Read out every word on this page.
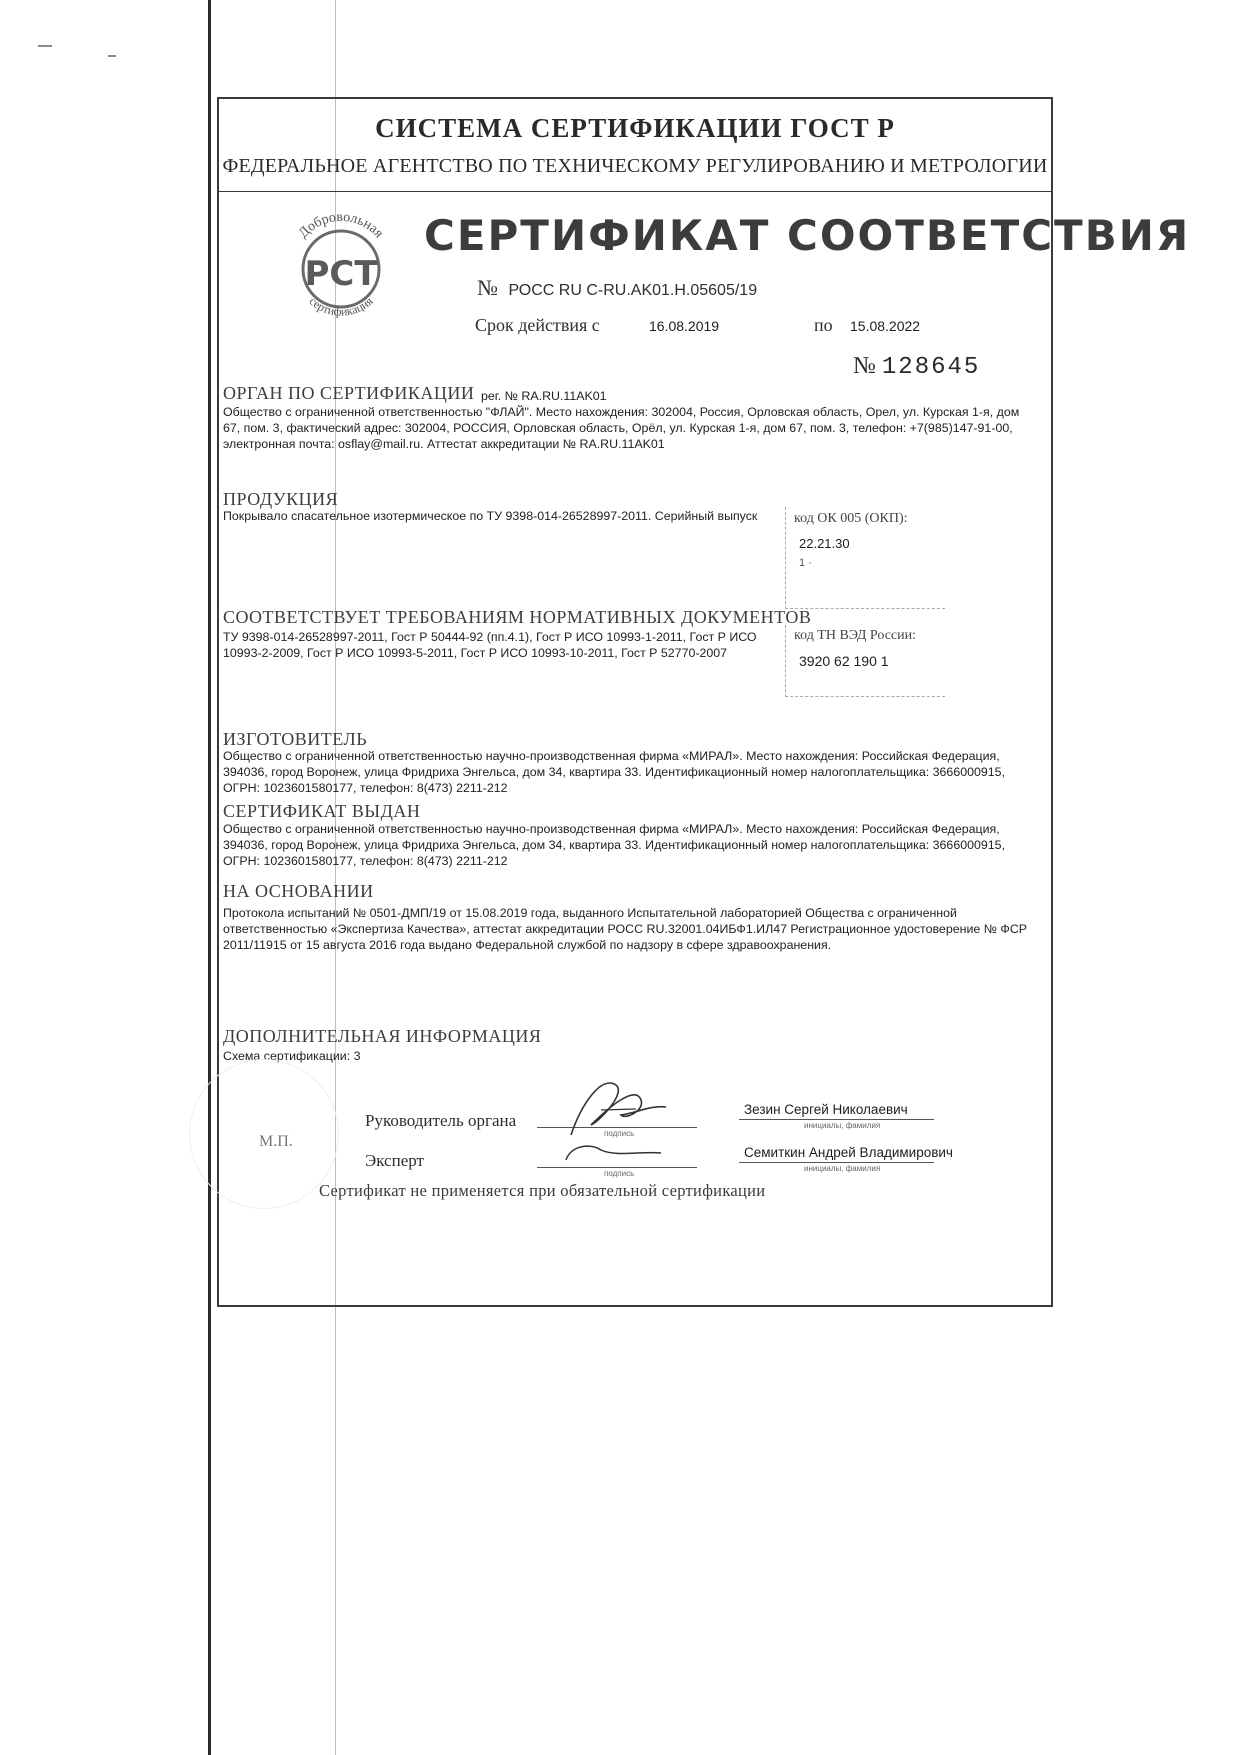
СИСТЕМА СЕРТИФИКАЦИИ ГОСТ Р
ФЕДЕРАЛЬНОЕ АГЕНТСТВО ПО ТЕХНИЧЕСКОМУ РЕГУЛИРОВАНИЮ И МЕТРОЛОГИИ
Добровольная
сертификация
РСТ
СЕРТИФИКАТ СООТВЕТСТВИЯ
№ РОСС RU C-RU.AK01.H.05605/19
Срок действия с	16.08.2019	по 15.08.2022
№ 128645
ОРГАН ПО СЕРТИФИКАЦИИ рег. № RA.RU.11AK01
Общество с ограниченной ответственностью "ФЛАЙ". Место нахождения: 302004, Россия, Орловская область, Орел, ул. Курская 1-я, дом 67, пом. 3, фактический адрес: 302004, РОССИЯ, Орловская область, Орёл, ул. Курская 1-я, дом 67, пом. 3, телефон: +7(985)147-91-00, электронная почта: osflay@mail.ru. Аттестат аккредитации № RA.RU.11AK01
ПРОДУКЦИЯ
Покрывало спасательное изотермическое по ТУ 9398-014-26528997-2011. Серийный выпуск	код ОК 005 (ОКП):
22.21.30
1 ·
СООТВЕТСТВУЕТ ТРЕБОВАНИЯМ НОРМАТИВНЫХ ДОКУМЕНТОВ
ТУ 9398-014-26528997-2011, Гост Р 50444-92 (пп.4.1), Гост Р ИСО 10993-1-2011, Гост Р ИСО 10993-2-2009, Гост Р ИСО 10993-5-2011, Гост Р ИСО 10993-10-2011, Гост Р 52770-2007
код ТН ВЭД России:
3920 62 190 1
ИЗГОТОВИТЕЛЬ
Общество с ограниченной ответственностью научно-производственная фирма «МИРАЛ». Место нахождения: Российская Федерация, 394036, город Воронеж, улица Фридриха Энгельса, дом 34, квартира 33. Идентификационный номер налогоплательщика: 3666000915, ОГРН: 1023601580177, телефон: 8(473) 2211-212
СЕРТИФИКАТ ВЫДАН
Общество с ограниченной ответственностью научно-производственная фирма «МИРАЛ». Место нахождения: Российская Федерация, 394036, город Воронеж, улица Фридриха Энгельса, дом 34, квартира 33. Идентификационный номер налогоплательщика: 3666000915, ОГРН: 1023601580177, телефон: 8(473) 2211-212
НА ОСНОВАНИИ
Протокола испытаний № 0501-ДМП/19 от 15.08.2019 года, выданного Испытательной лабораторией Общества с ограниченной ответственностью «Экспертиза Качества», аттестат аккредитации РОСС RU.32001.04ИБФ1.ИЛ47 Регистрационное удостоверение № ФСР 2011/11915 от 15 августа 2016 года выдано Федеральной службой по надзору в сфере здравоохранения.
ДОПОЛНИТЕЛЬНАЯ ИНФОРМАЦИЯ
Схема сертификации: 3
М.П.
Руководитель органа
Эксперт
подпись
подпись
Зезин Сергей Николаевич
инициалы, фамилия
Семиткин Андрей Владимирович
инициалы, фамилия
Сертификат не применяется при обязательной сертификации
